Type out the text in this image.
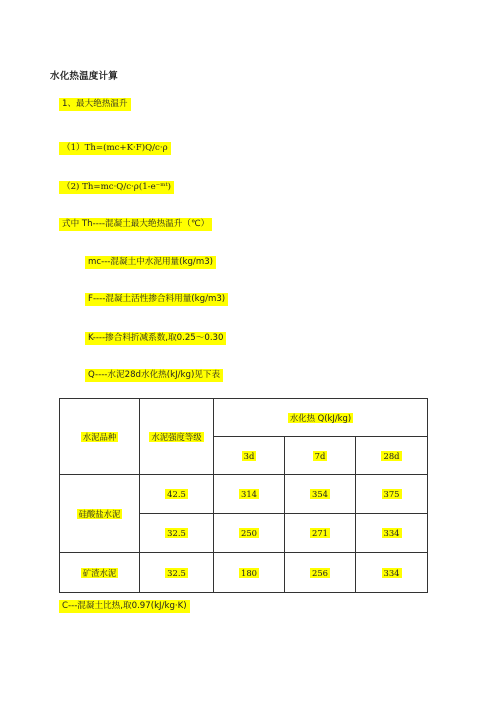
水化热温度计算
1、最大绝热温升
（1）Th=(mc+K·F)Q/c·ρ
（2) Th=mc·Q/c·ρ(1-e⁻ᵐᵗ)
式中 Th----混凝土最大绝热温升（℃）
mc---混凝土中水泥用量(kg/m3)
F----混凝土活性掺合料用量(kg/m3)
K----掺合料折减系数,取0.25～0.30
Q----水泥28d水化热(kJ/kg)见下表
水泥品种	水泥强度等级	水化热 Q(kJ/kg)		
		3d	7d	28d
硅酸盐水泥	42.5	314	354	375
	32.5	250	271	334
矿渣水泥	32.5	180	256	334
C---混凝土比热,取0.97(kJ/kg·K)
